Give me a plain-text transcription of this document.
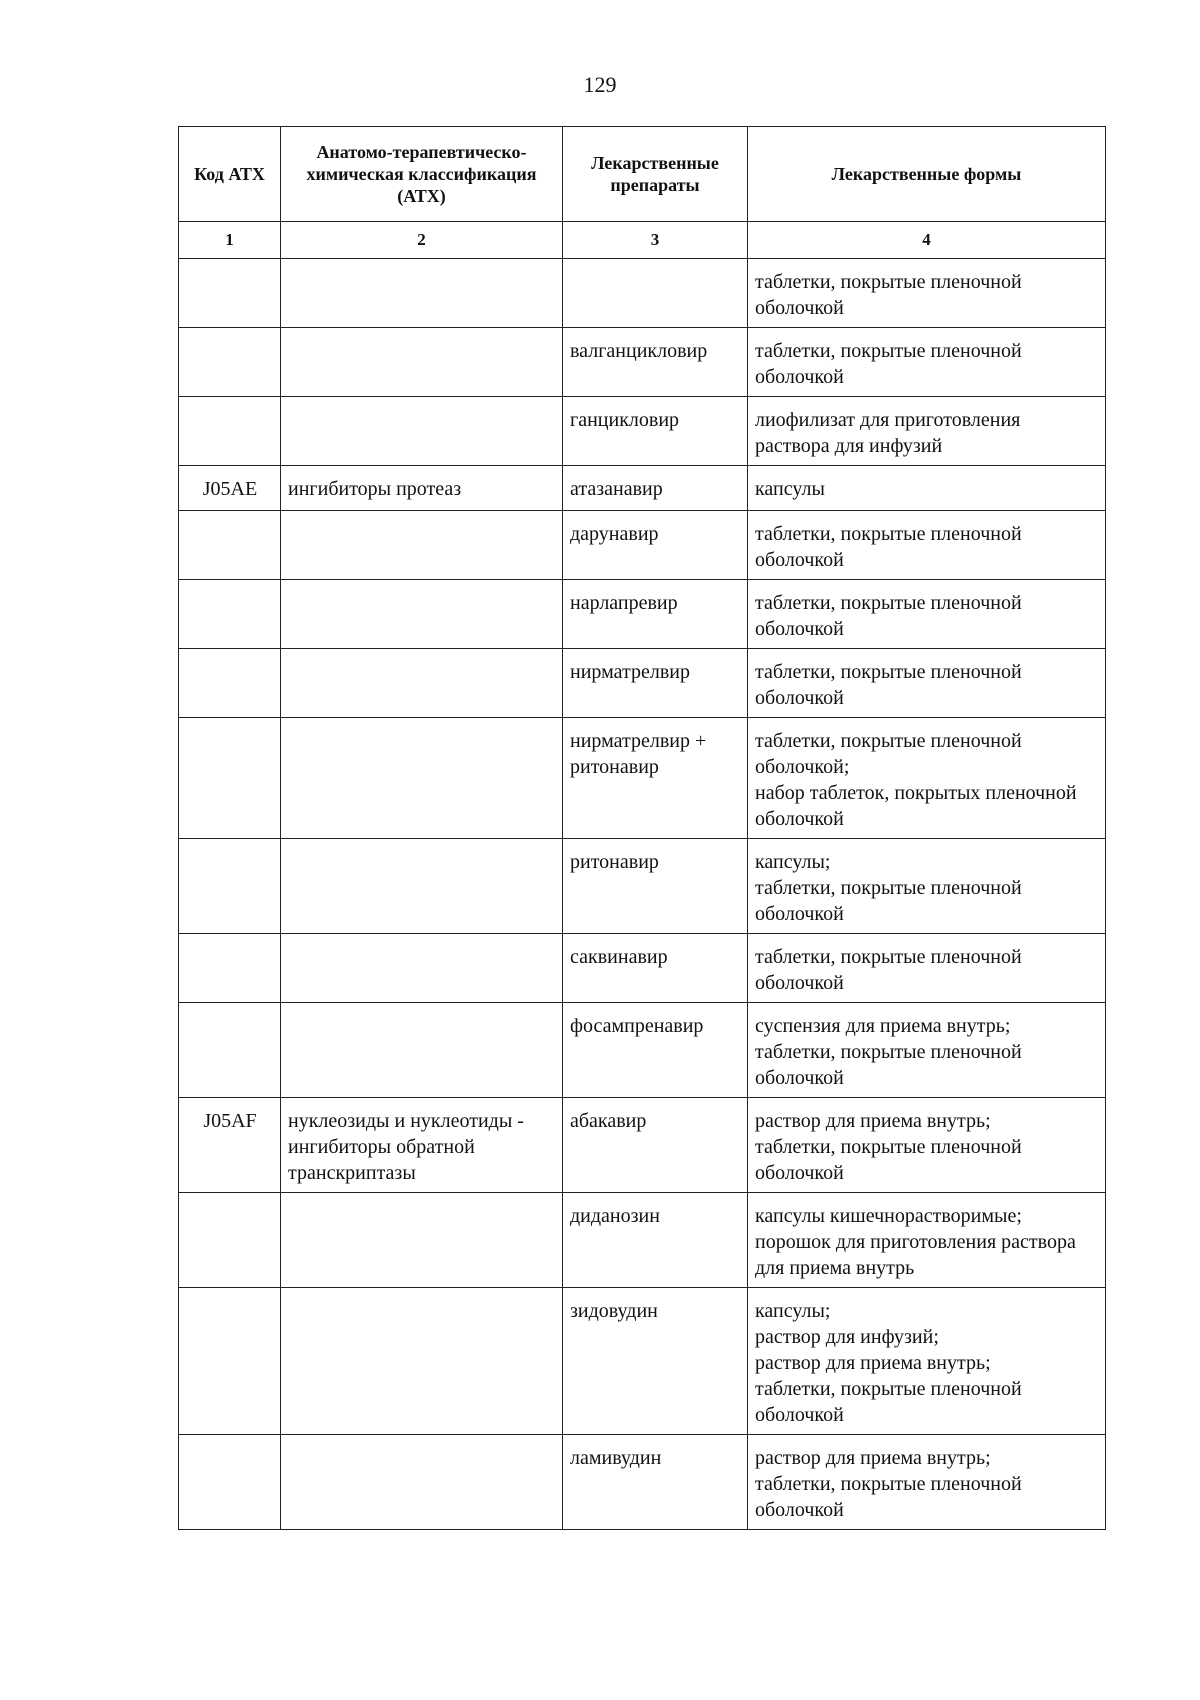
129
Код АТХ	Анатомо-терапевтическо-химическая классификация (АТХ)	Лекарственные препараты	Лекарственные формы
1	2	3	4

			таблетки, покрытые пленочной оболочкой

		валганцикловир	таблетки, покрытые пленочной оболочкой

		ганцикловир	лиофилизат для приготовления раствора для инфузий

J05AE	ингибиторы протеаз	атазанавир	капсулы

		дарунавир	таблетки, покрытые пленочной оболочкой

		нарлапревир	таблетки, покрытые пленочной оболочкой

		нирматрелвир	таблетки, покрытые пленочной оболочкой

		нирматрелвир + ритонавир	таблетки, покрытые пленочной оболочкой;
набор таблеток, покрытых пленочной оболочкой

		ритонавир	капсулы;
таблетки, покрытые пленочной оболочкой

		саквинавир	таблетки, покрытые пленочной оболочкой

		фосампренавир	суспензия для приема внутрь;
таблетки, покрытые пленочной оболочкой

J05AF	нуклеозиды и нуклеотиды - ингибиторы обратной транскриптазы	абакавир	раствор для приема внутрь;
таблетки, покрытые пленочной оболочкой

		диданозин	капсулы кишечнорастворимые;
порошок для приготовления раствора для приема внутрь

		зидовудин	капсулы;
раствор для инфузий;
раствор для приема внутрь;
таблетки, покрытые пленочной оболочкой

		ламивудин	раствор для приема внутрь;
таблетки, покрытые пленочной оболочкой
